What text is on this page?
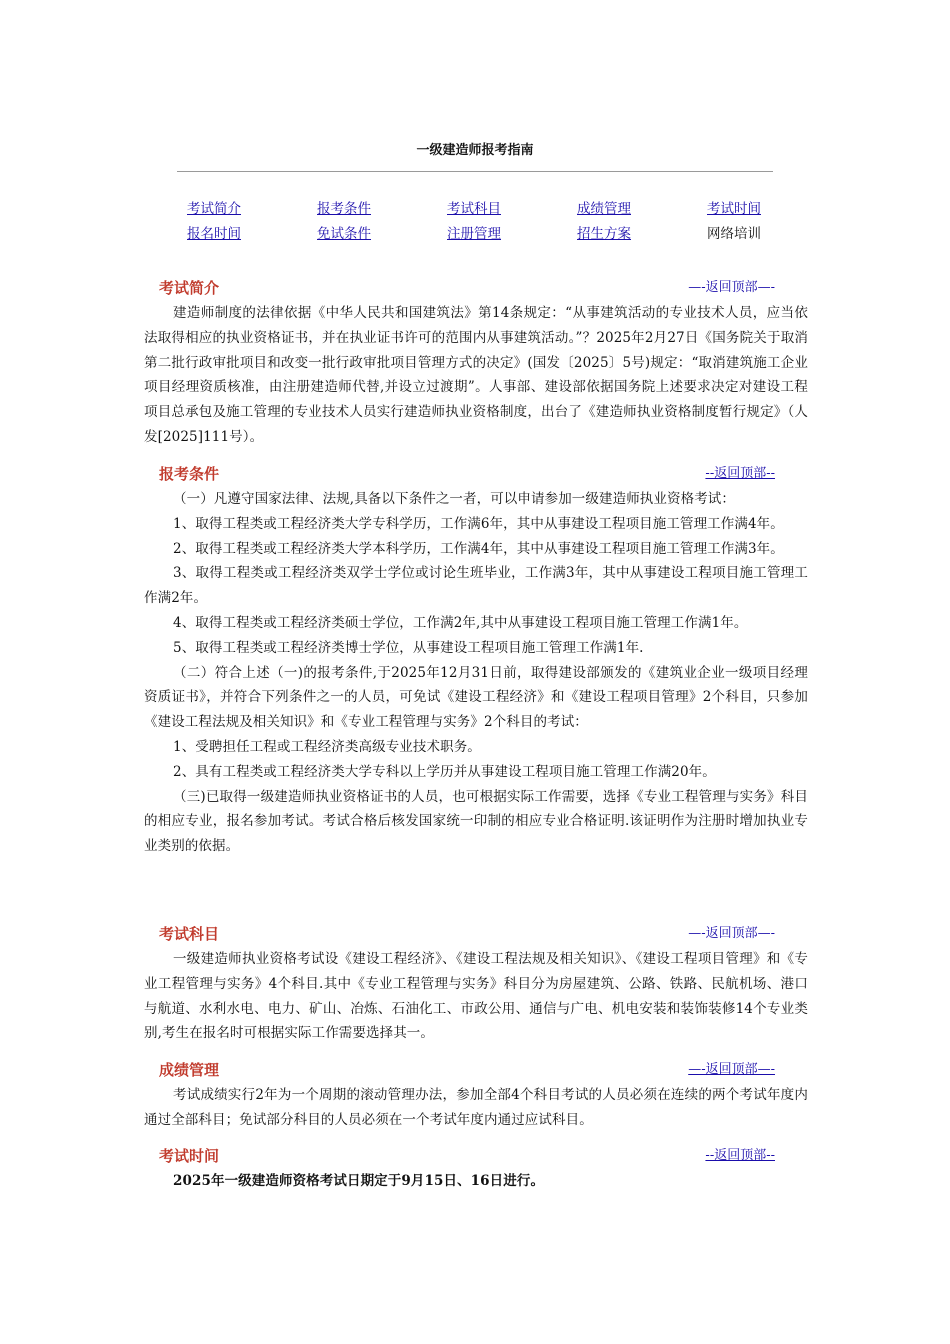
一级建造师报考指南
考试简介	报考条件	考试科目	成绩管理	考试时间
报名时间	免试条件	注册管理	招生方案	网络培训
考试简介	—-返回顶部—-

建造师制度的法律依据《中华人民共和国建筑法》第14条规定：“从事建筑活动的专业技术人员，应当依法取得相应的执业资格证书，并在执业证书许可的范围内从事建筑活动。”？2025年2月27日《国务院关于取消第二批行政审批项目和改变一批行政审批项目管理方式的决定》(国发〔2025〕5号)规定：“取消建筑施工企业项目经理资质核准，由注册建造师代替,并设立过渡期”。人事部、建设部依据国务院上述要求决定对建设工程项目总承包及施工管理的专业技术人员实行建造师执业资格制度，出台了《建造师执业资格制度暂行规定》（人发[2025]111号）。

报考条件	--返回顶部--

（一）凡遵守国家法律、法规,具备以下条件之一者，可以申请参加一级建造师执业资格考试：

1、取得工程类或工程经济类大学专科学历，工作满6年，其中从事建设工程项目施工管理工作满4年。

2、取得工程类或工程经济类大学本科学历，工作满4年，其中从事建设工程项目施工管理工作满3年。

3、取得工程类或工程经济类双学士学位或讨论生班毕业，工作满3年，其中从事建设工程项目施工管理工作满2年。

4、取得工程类或工程经济类硕士学位，工作满2年,其中从事建设工程项目施工管理工作满1年。

5、取得工程类或工程经济类博士学位，从事建设工程项目施工管理工作满1年.

（二）符合上述（一)的报考条件,于2025年12月31日前，取得建设部颁发的《建筑业企业一级项目经理资质证书》，并符合下列条件之一的人员，可免试《建设工程经济》和《建设工程项目管理》2个科目，只参加《建设工程法规及相关知识》和《专业工程管理与实务》2个科目的考试：

1、受聘担任工程或工程经济类高级专业技术职务。

2、具有工程类或工程经济类大学专科以上学历并从事建设工程项目施工管理工作满20年。

（三)已取得一级建造师执业资格证书的人员，也可根据实际工作需要，选择《专业工程管理与实务》科目的相应专业，报名参加考试。考试合格后核发国家统一印制的相应专业合格证明.该证明作为注册时增加执业专业类别的依据。

考试科目	—-返回顶部—-

一级建造师执业资格考试设《建设工程经济》、《建设工程法规及相关知识》、《建设工程项目管理》和《专业工程管理与实务》4个科目.其中《专业工程管理与实务》科目分为房屋建筑、公路、铁路、民航机场、港口与航道、水利水电、电力、矿山、冶炼、石油化工、市政公用、通信与广电、机电安装和装饰装修14个专业类别,考生在报名时可根据实际工作需要选择其一。

成绩管理	—-返回顶部—-

考试成绩实行2年为一个周期的滚动管理办法，参加全部4个科目考试的人员必须在连续的两个考试年度内通过全部科目；免试部分科目的人员必须在一个考试年度内通过应试科目。

考试时间	--返回顶部--

2025年一级建造师资格考试日期定于9月15日、16日进行。
